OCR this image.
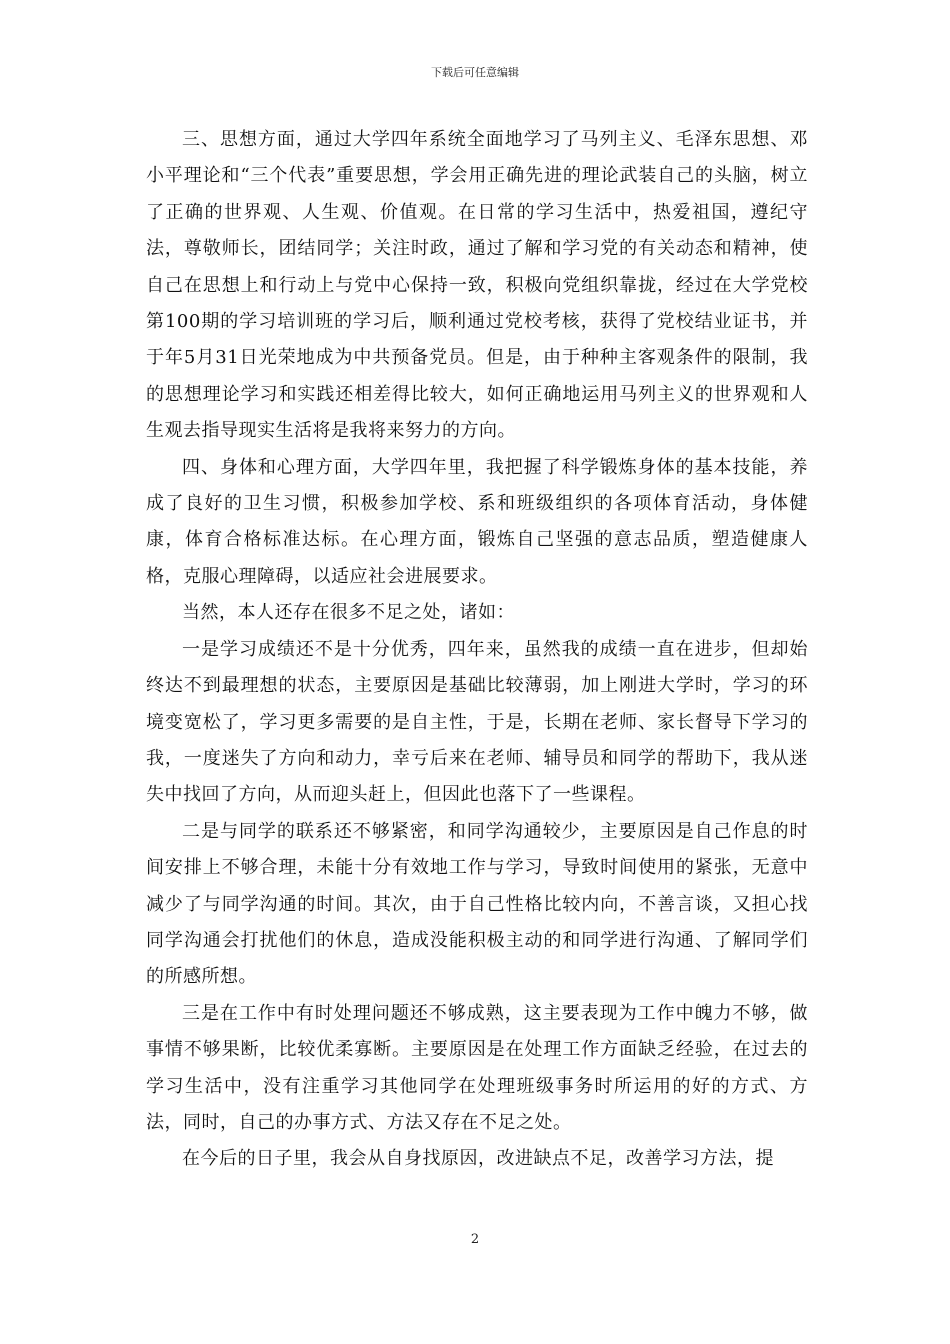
下载后可任意编辑

三、思想方面，通过大学四年系统全面地学习了马列主义、毛泽东思想、邓小平理论和“三个代表”重要思想，学会用正确先进的理论武装自己的头脑，树立了正确的世界观、人生观、价值观。在日常的学习生活中，热爱祖国，遵纪守法，尊敬师长，团结同学；关注时政，通过了解和学习党的有关动态和精神，使自己在思想上和行动上与党中心保持一致，积极向党组织靠拢，经过在大学党校第100期的学习培训班的学习后，顺利通过党校考核，获得了党校结业证书，并于年5月31日光荣地成为中共预备党员。但是，由于种种主客观条件的限制，我的思想理论学习和实践还相差得比较大，如何正确地运用马列主义的世界观和人生观去指导现实生活将是我将来努力的方向。

四、身体和心理方面，大学四年里，我把握了科学锻炼身体的基本技能，养成了良好的卫生习惯，积极参加学校、系和班级组织的各项体育活动，身体健康，体育合格标准达标。在心理方面，锻炼自己坚强的意志品质，塑造健康人格，克服心理障碍，以适应社会进展要求。

当然，本人还存在很多不足之处，诸如：

一是学习成绩还不是十分优秀，四年来，虽然我的成绩一直在进步，但却始终达不到最理想的状态，主要原因是基础比较薄弱，加上刚进大学时，学习的环境变宽松了，学习更多需要的是自主性，于是，长期在老师、家长督导下学习的我，一度迷失了方向和动力，幸亏后来在老师、辅导员和同学的帮助下，我从迷失中找回了方向，从而迎头赶上，但因此也落下了一些课程。

二是与同学的联系还不够紧密，和同学沟通较少，主要原因是自己作息的时间安排上不够合理，未能十分有效地工作与学习，导致时间使用的紧张，无意中减少了与同学沟通的时间。其次，由于自己性格比较内向，不善言谈，又担心找同学沟通会打扰他们的休息，造成没能积极主动的和同学进行沟通、了解同学们的所感所想。

三是在工作中有时处理问题还不够成熟，这主要表现为工作中魄力不够，做事情不够果断，比较优柔寡断。主要原因是在处理工作方面缺乏经验，在过去的学习生活中，没有注重学习其他同学在处理班级事务时所运用的好的方式、方法，同时，自己的办事方式、方法又存在不足之处。

在今后的日子里，我会从自身找原因，改进缺点不足，改善学习方法，提

2
